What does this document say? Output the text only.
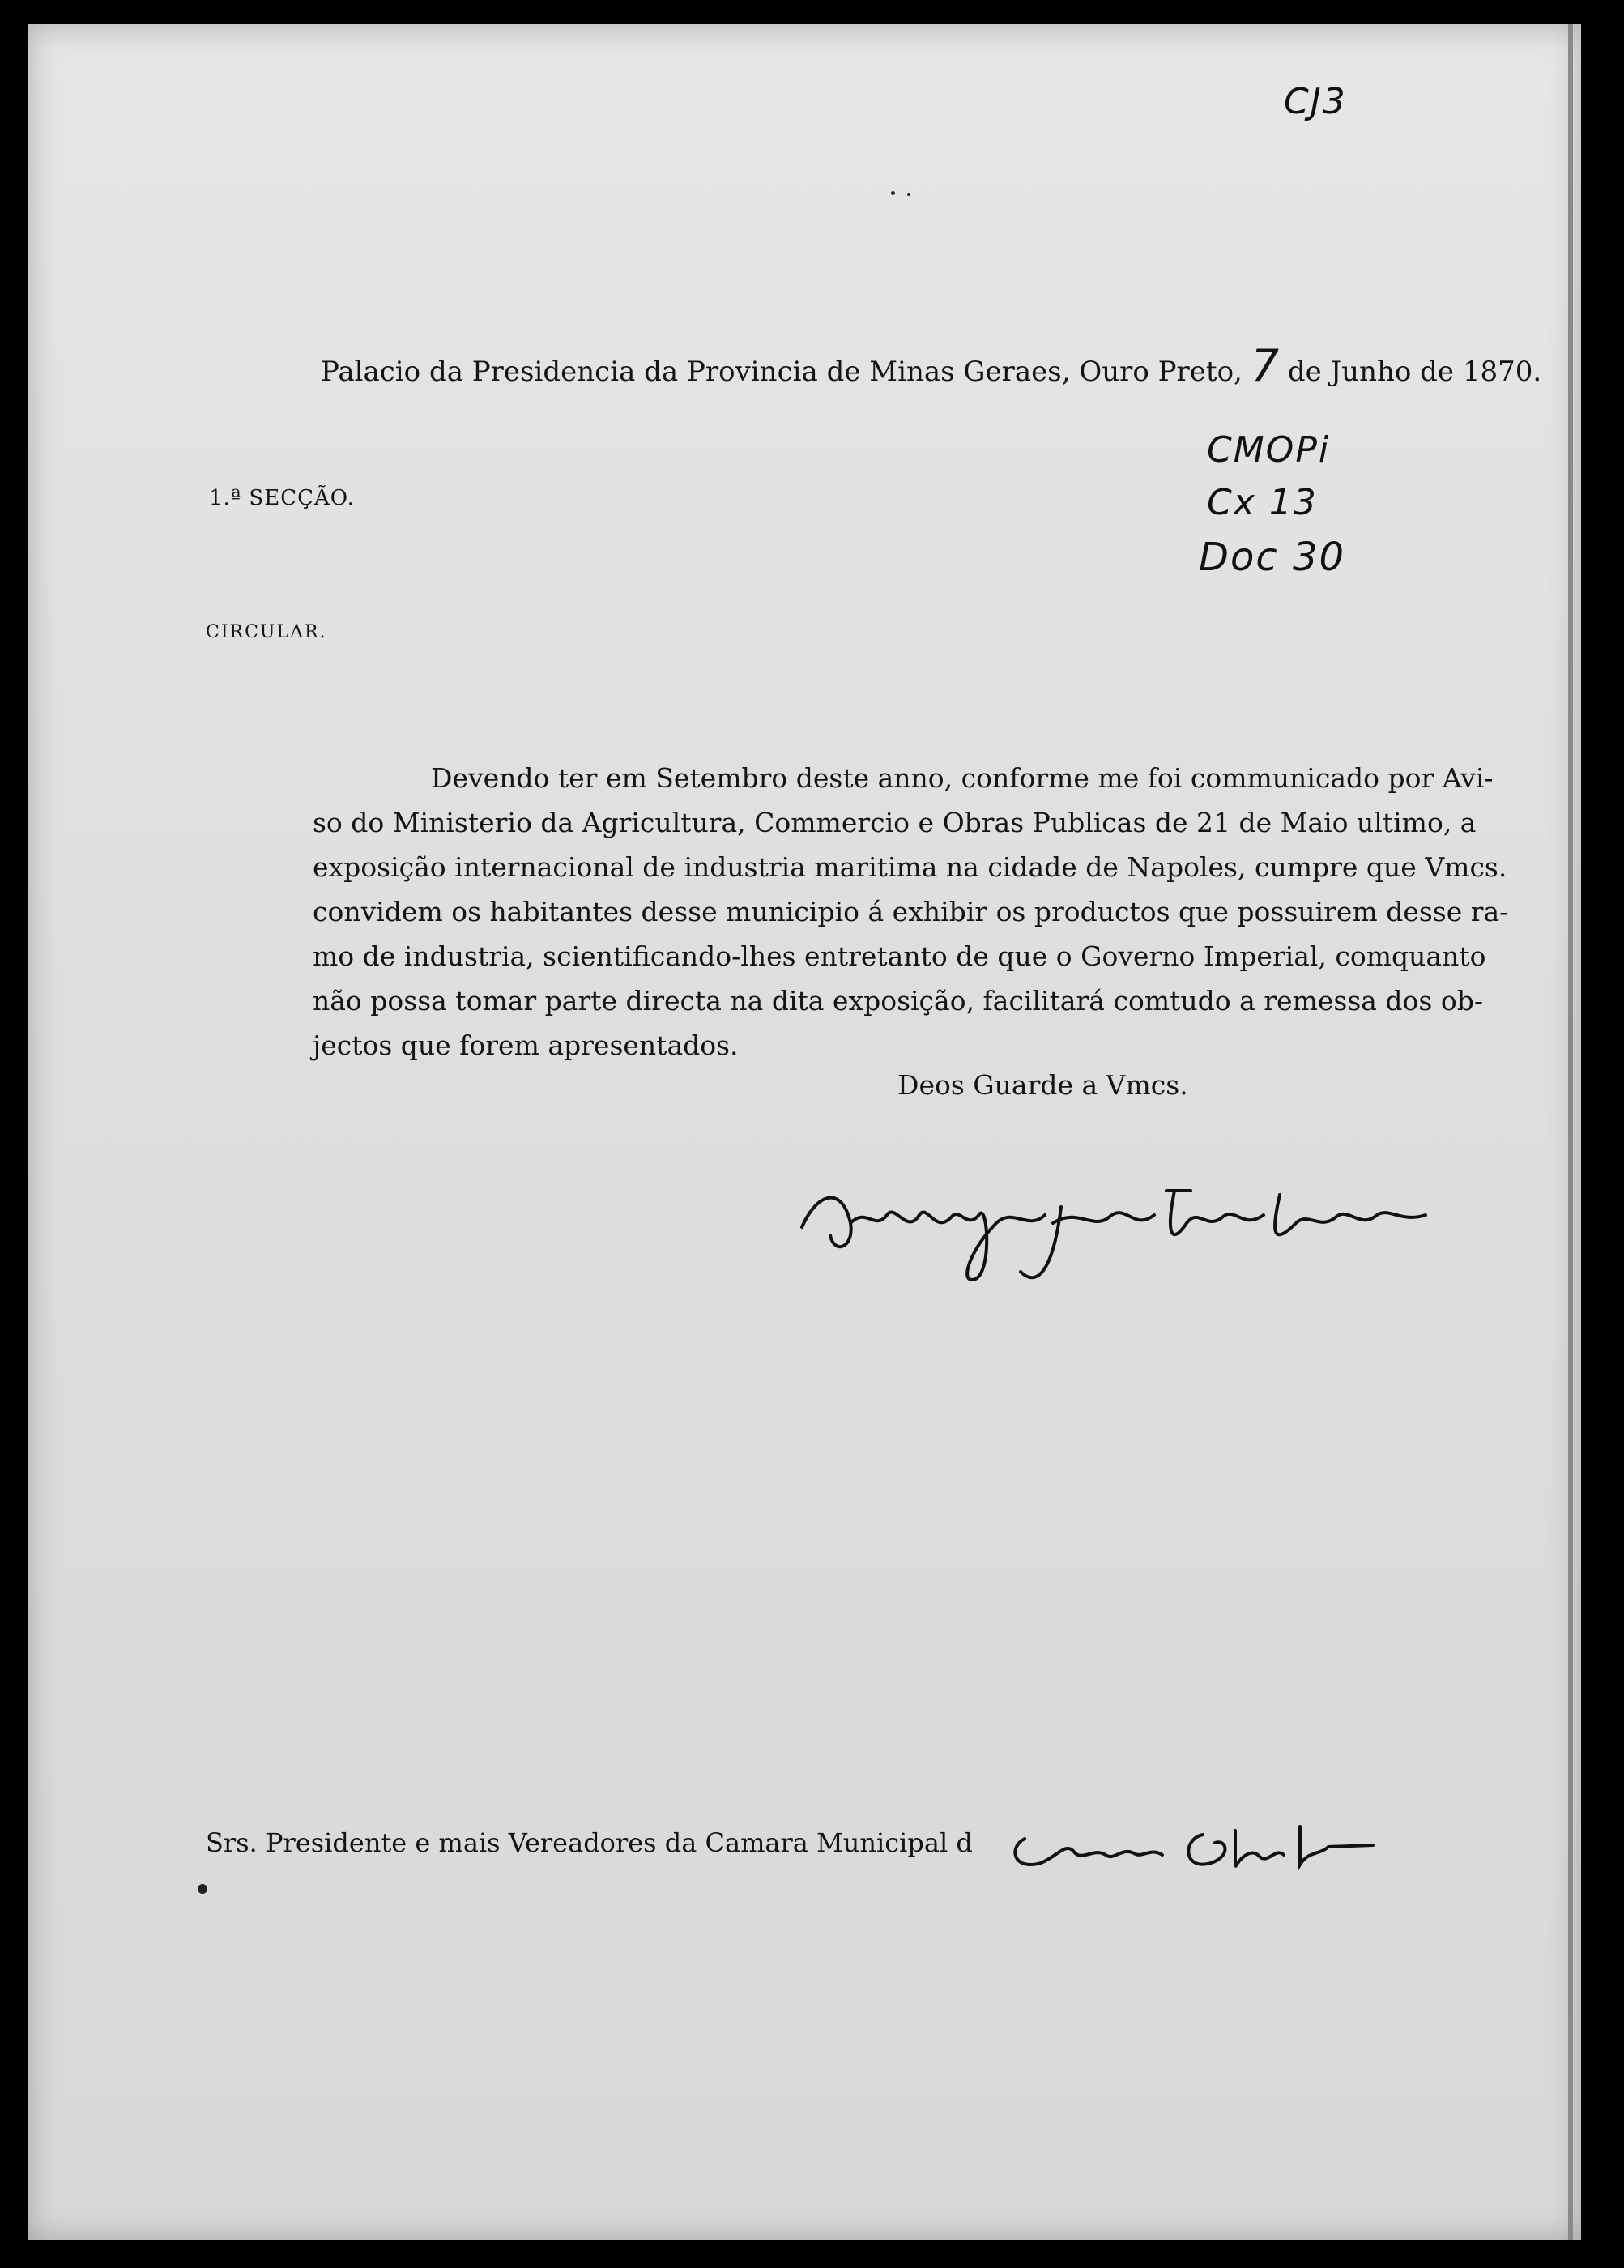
CJ3
CMOPi
Cx 13
Doc 30
Palacio da Presidencia da Provincia de Minas Geraes, Ouro Preto, 7 de Junho de 1870.
1.ª SECÇÃO.
CIRCULAR.
Devendo ter em Setembro deste anno, conforme me foi communicado por Avi-
so do Ministerio da Agricultura, Commercio e Obras Publicas de 21 de Maio ultimo, a
exposição internacional de industria maritima na cidade de Napoles, cumpre que Vmcs.
convidem os habitantes desse municipio á exhibir os productos que possuirem desse ra-
mo de industria, scientificando-lhes entretanto de que o Governo Imperial, comquanto
não possa tomar parte directa na dita exposição, facilitará comtudo a remessa dos ob-
jectos que forem apresentados.
Deos Guarde a Vmcs.
Srs. Presidente e mais Vereadores da Camara Municipal d
